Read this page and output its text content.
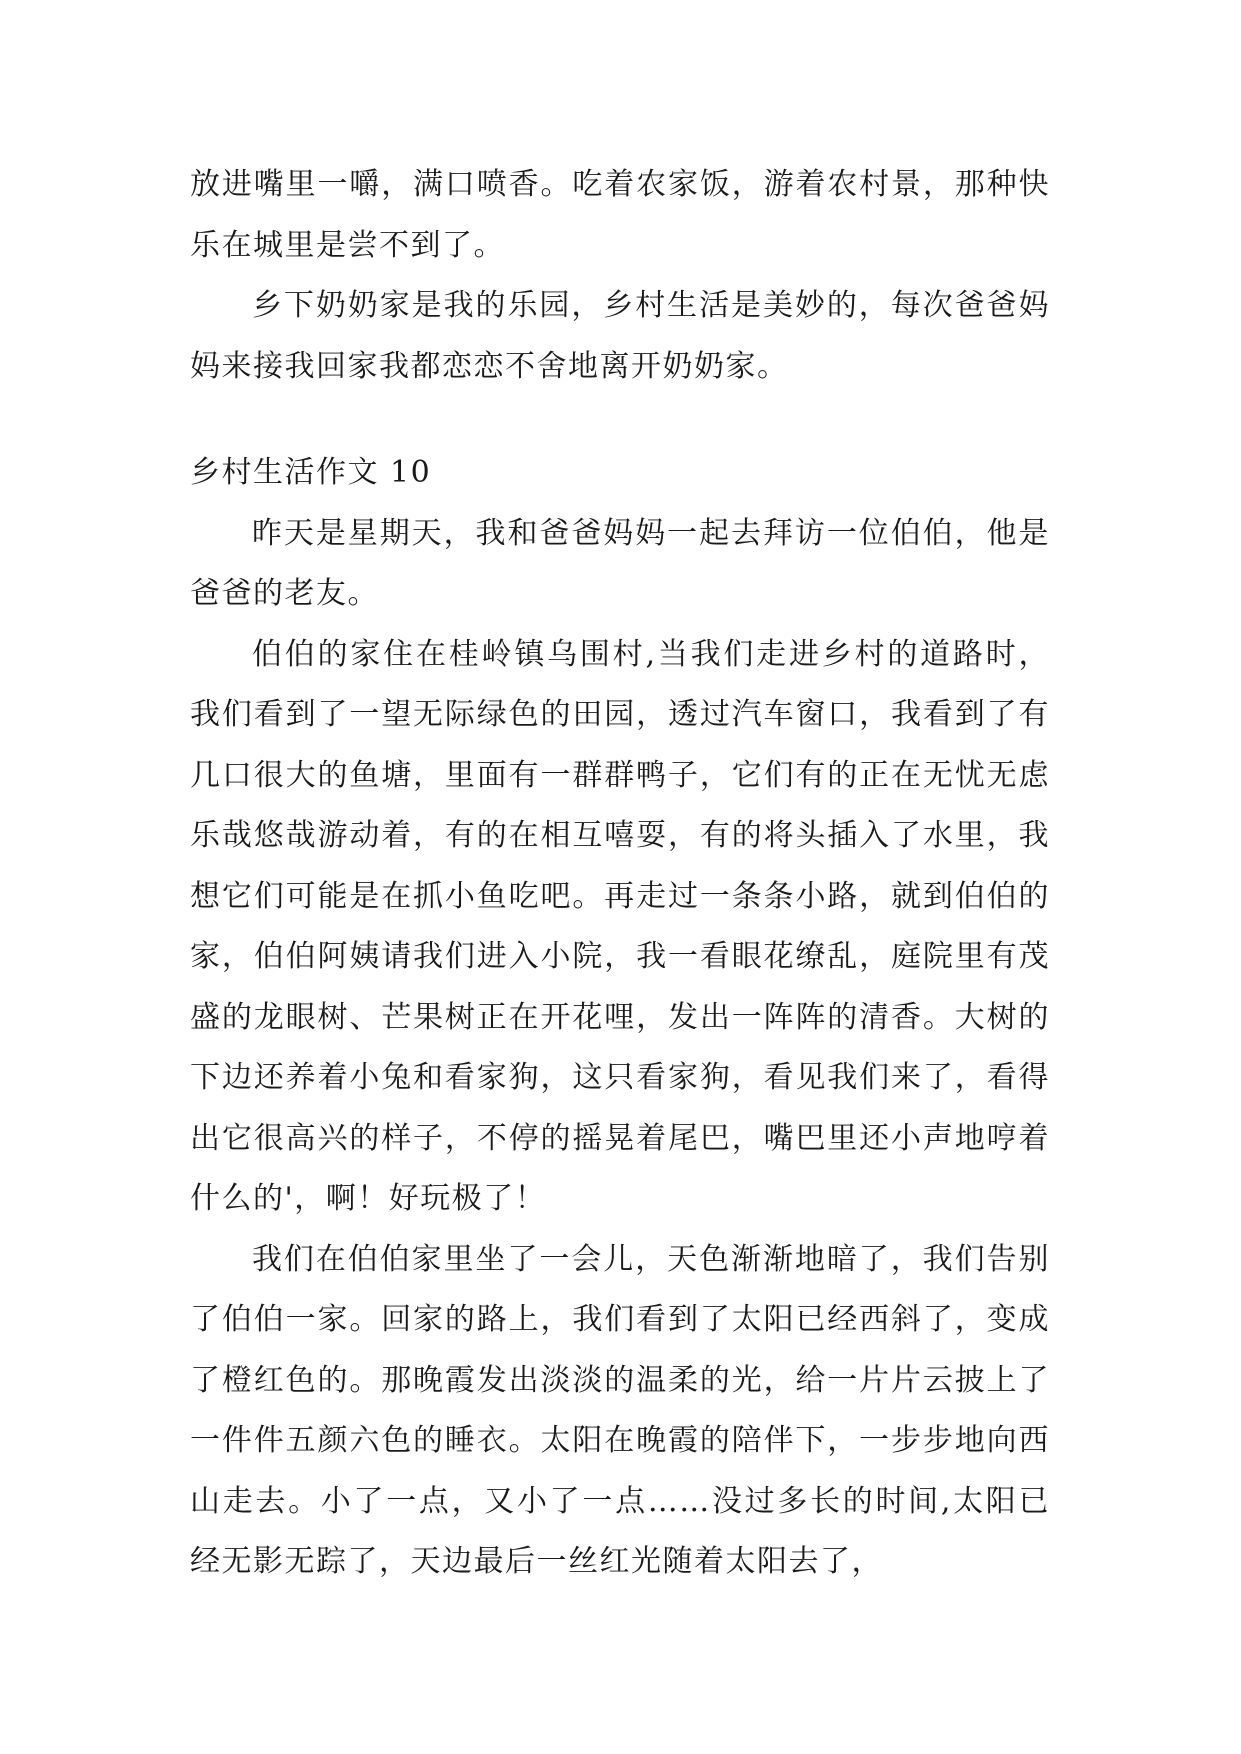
放进嘴里一嚼，满口喷香。吃着农家饭，游着农村景，那种快乐在城里是尝不到了。

乡下奶奶家是我的乐园，乡村生活是美妙的，每次爸爸妈妈来接我回家我都恋恋不舍地离开奶奶家。

乡村生活作文 10

昨天是星期天，我和爸爸妈妈一起去拜访一位伯伯，他是爸爸的老友。

伯伯的家住在桂岭镇乌围村,当我们走进乡村的道路时，我们看到了一望无际绿色的田园，透过汽车窗口，我看到了有几口很大的鱼塘，里面有一群群鸭子，它们有的正在无忧无虑乐哉悠哉游动着，有的在相互嘻耍，有的将头插入了水里，我想它们可能是在抓小鱼吃吧。再走过一条条小路，就到伯伯的家，伯伯阿姨请我们进入小院，我一看眼花缭乱，庭院里有茂盛的龙眼树、芒果树正在开花哩，发出一阵阵的清香。大树的下边还养着小兔和看家狗，这只看家狗，看见我们来了，看得出它很高兴的样子，不停的摇晃着尾巴，嘴巴里还小声地哼着什么的'，啊！好玩极了！

我们在伯伯家里坐了一会儿，天色渐渐地暗了，我们告别了伯伯一家。回家的路上，我们看到了太阳已经西斜了，变成了橙红色的。那晚霞发出淡淡的温柔的光，给一片片云披上了一件件五颜六色的睡衣。太阳在晚霞的陪伴下，一步步地向西山走去。小了一点，又小了一点……没过多长的时间,太阳已经无影无踪了，天边最后一丝红光随着太阳去了，
